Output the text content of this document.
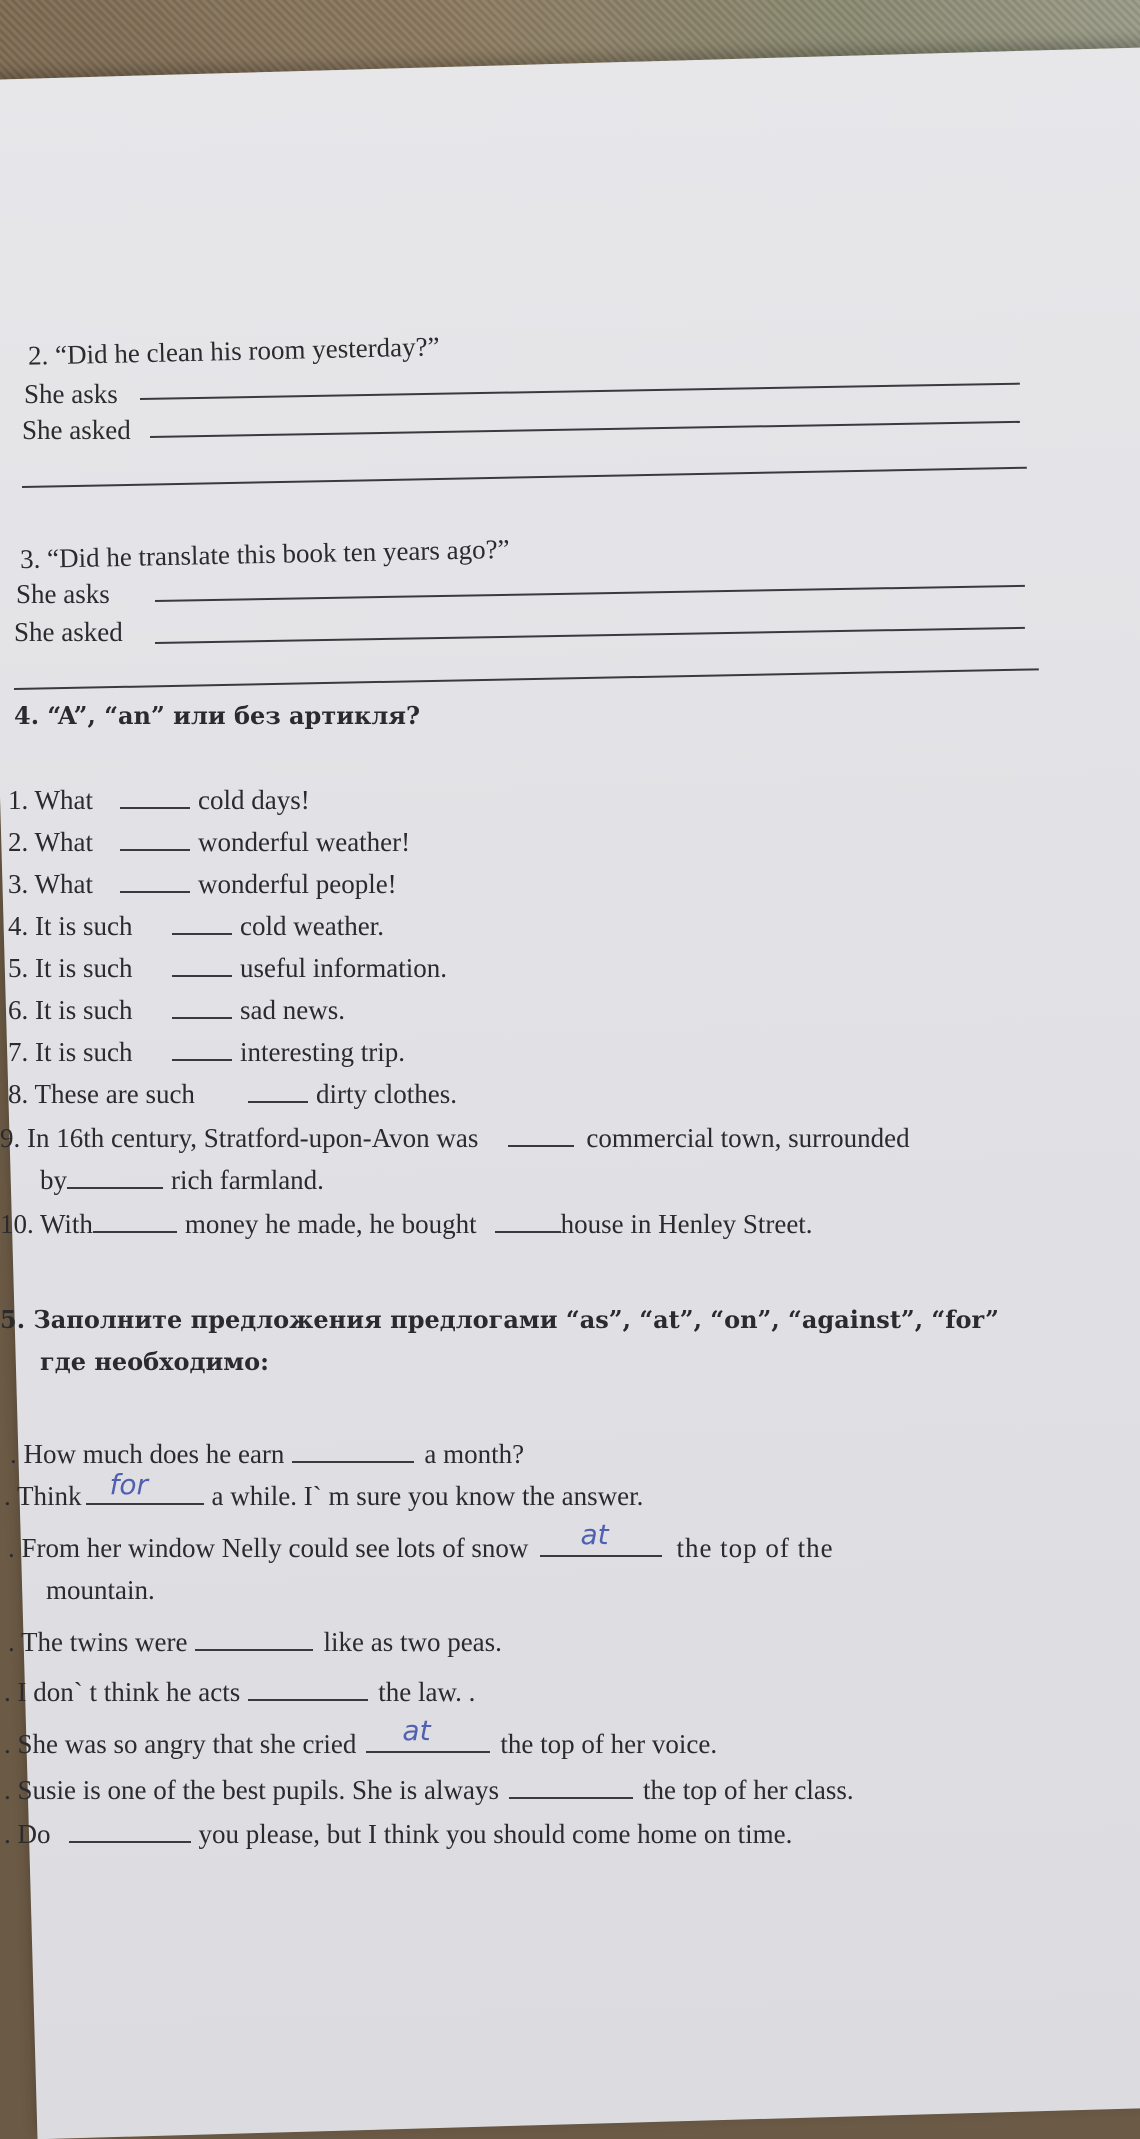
2. “Did he clean his room yesterday?”
She asks
She asked
3. “Did he translate this book ten years ago?”
She asks
She asked
4. “A”, “an” или без артикля?
1. What	cold days!
2. What	wonderful weather!
3. What	wonderful people!
4. It is such	cold weather.
5. It is such	useful information.
6. It is such	sad news.
7. It is such	interesting trip.
8. These are such	dirty clothes.
9. In 16th century, Stratford-upon-Avon was	commercial town, surrounded
by	rich farmland.
10. With	money he made, he bought	house in Henley Street.
5. Заполните предложения предлогами “as”, “at”, “on”, “against”, “for”
где необходимо:
. How much does he earn	a month?
. Think for a while. I` m sure you know the answer.
. From her window Nelly could see lots of snow at	the top of the
mountain.
. The twins were	like as two peas.
. I don` t think he acts	the law. .
. She was so angry that she cried at	the top of her voice.
. Susie is one of the best pupils. She is always	the top of her class.
. Do	you please, but I think you should come home on time.
